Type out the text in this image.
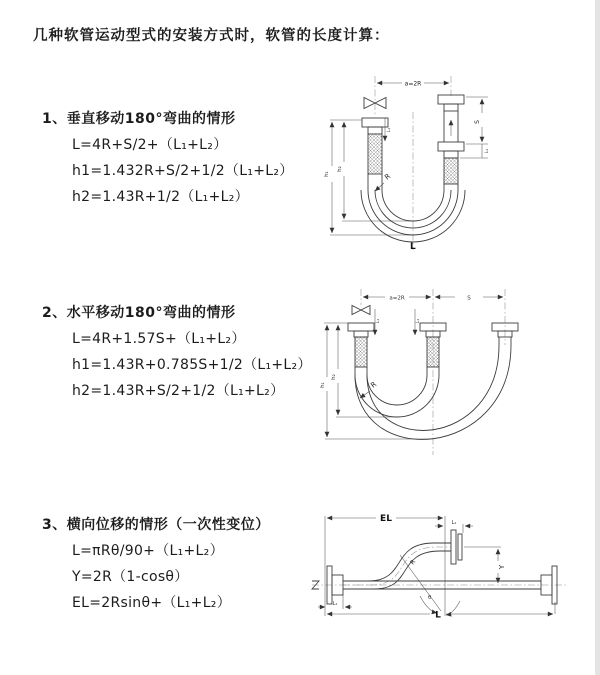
几种软管运动型式的安装方式时，软管的长度计算：
1、垂直移动180°弯曲的情形
L=4R+S/2+（L₁+L₂）
h1=1.432R+S/2+1/2（L₁+L₂）
h2=1.43R+1/2（L₁+L₂）
2、水平移动180°弯曲的情形
L=4R+1.57S+（L₁+L₂）
h1=1.43R+0.785S+1/2（L₁+L₂）
h2=1.43R+S/2+1/2（L₁+L₂）
3、横向位移的情形（一次性变位）
L=πRθ/90+（L₁+L₂）
Y=2R（1-cosθ）
EL=2Rsinθ+（L₁+L₂）
a=2R
h₁
h₂
S
L₁
L₁
R
L
a=2R	S
h₁
h₂
L₁	L₁
R
EL	L₁
Y
R
θ
L
L₁
